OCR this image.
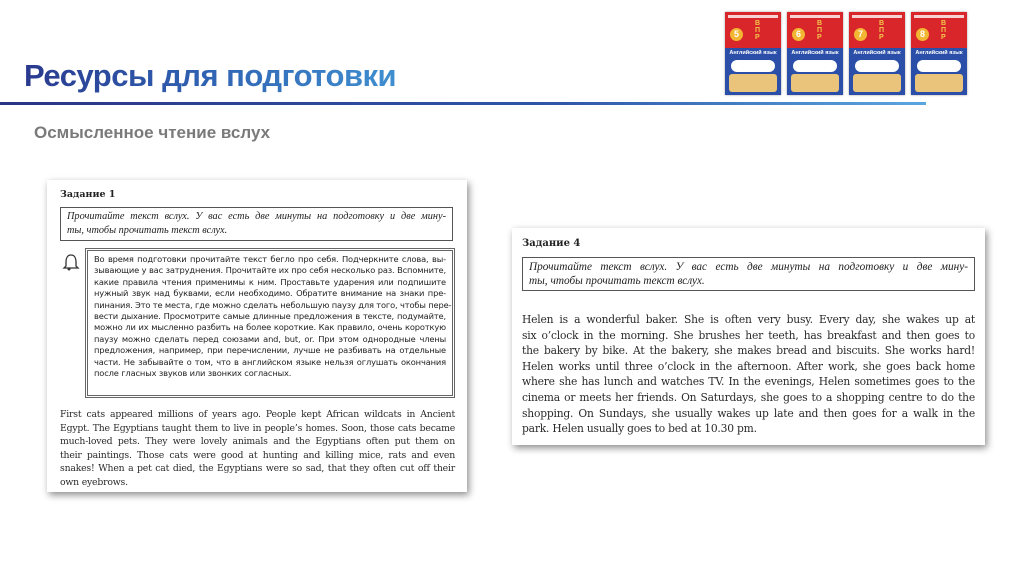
Ресурсы для подготовки
Осмысленное чтение вслух
В
П
Р
5
Английский язык
В
П
Р
6
Английский язык
В
П
Р
7
Английский язык
В
П
Р
8
Английский язык
Задание 1
Прочитайте текст вслух. У вас есть две минуты на подготовку и две мину-
ты, чтобы прочитать текст вслух.
Во время подготовки прочитайте текст бегло про себя. Подчеркните слова, вы-
зывающие у вас затруднения. Прочитайте их про себя несколько раз. Вспомните,
какие правила чтения применимы к ним. Проставьте ударения или подпишите
нужный звук над буквами, если необходимо. Обратите внимание на знаки пре-
пинания. Это те места, где можно сделать небольшую паузу для того, чтобы пере-
вести дыхание. Просмотрите самые длинные предложения в тексте, подумайте,
можно ли их мысленно разбить на более короткие. Как правило, очень короткую
паузу можно сделать перед союзами and, but, or. При этом однородные члены
предложения, например, при перечислении, лучше не разбивать на отдельные
части. Не забывайте о том, что в английском языке нельзя оглушать окончания
после гласных звуков или звонких согласных.
First cats appeared millions of years ago. People kept African wildcats in Ancient
Egypt. The Egyptians taught them to live in people’s homes. Soon, those cats became
much-loved pets. They were lovely animals and the Egyptians often put them on
their paintings. Those cats were good at hunting and killing mice, rats and even
snakes! When a pet cat died, the Egyptians were so sad, that they often cut off their
own eyebrows.
Задание 4
Прочитайте текст вслух. У вас есть две минуты на подготовку и две мину-
ты, чтобы прочитать текст вслух.
Helen is a wonderful baker. She is often very busy. Every day, she wakes up at
six o’clock in the morning. She brushes her teeth, has breakfast and then goes to
the bakery by bike. At the bakery, she makes bread and biscuits. She works hard!
Helen works until three o’clock in the afternoon. After work, she goes back home
where she has lunch and watches TV. In the evenings, Helen sometimes goes to the
cinema or meets her friends. On Saturdays, she goes to a shopping centre to do the
shopping. On Sundays, she usually wakes up late and then goes for a walk in the
park. Helen usually goes to bed at 10.30 pm.
